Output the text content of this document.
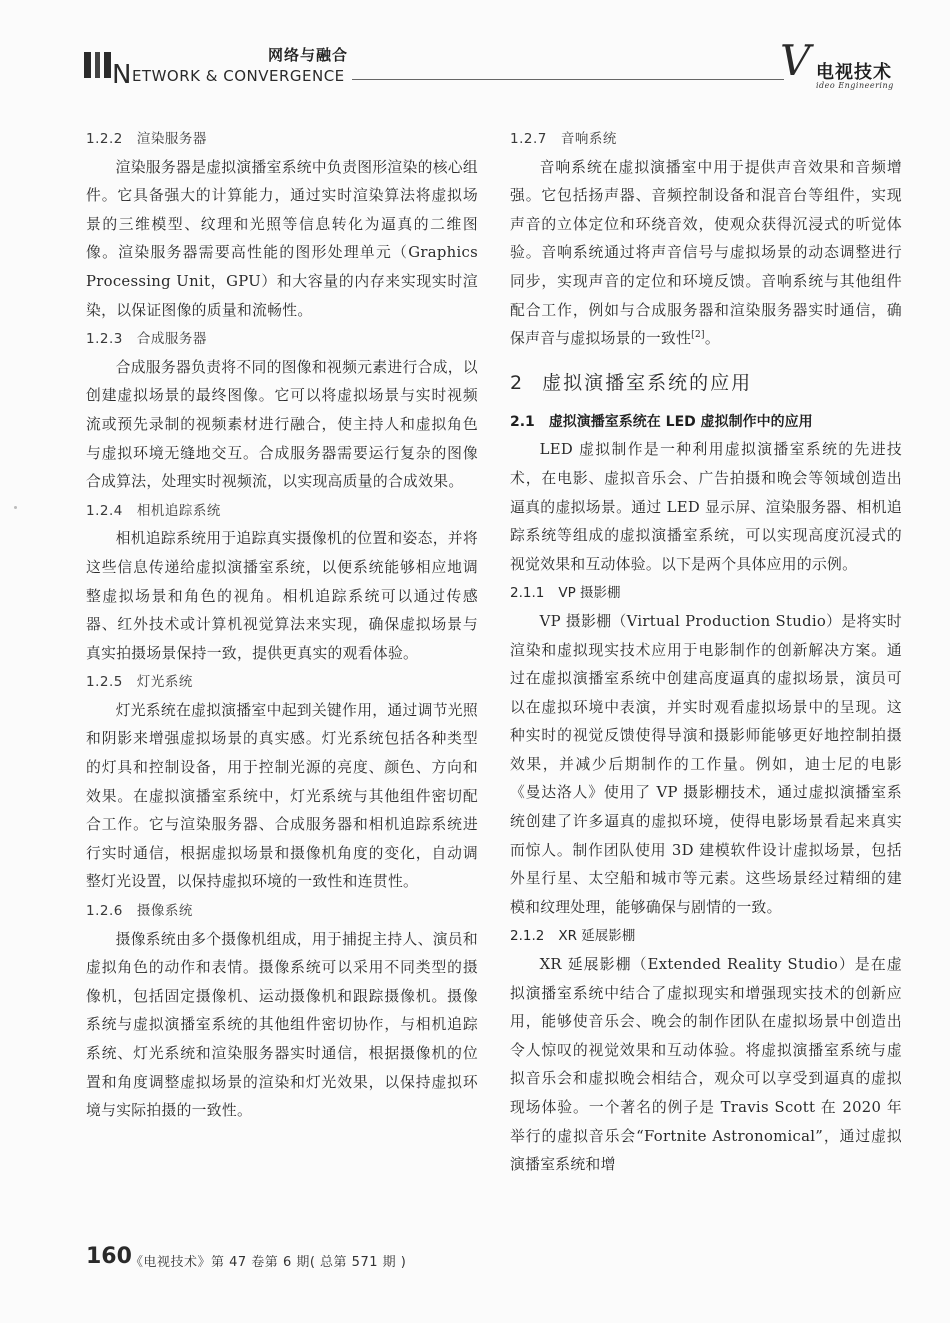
网络与融合
NETWORK & CONVERGENCE	V 电视技术
ideo Engineering
1.2.2 渲染服务器

渲染服务器是虚拟演播室系统中负责图形渲染的核心组件。它具备强大的计算能力，通过实时渲染算法将虚拟场景的三维模型、纹理和光照等信息转化为逼真的二维图像。渲染服务器需要高性能的图形处理单元（Graphics Processing Unit，GPU）和大容量的内存来实现实时渲染，以保证图像的质量和流畅性。

1.2.3 合成服务器

合成服务器负责将不同的图像和视频元素进行合成，以创建虚拟场景的最终图像。它可以将虚拟场景与实时视频流或预先录制的视频素材进行融合，使主持人和虚拟角色与虚拟环境无缝地交互。合成服务器需要运行复杂的图像合成算法，处理实时视频流，以实现高质量的合成效果。

1.2.4 相机追踪系统

相机追踪系统用于追踪真实摄像机的位置和姿态，并将这些信息传递给虚拟演播室系统，以便系统能够相应地调整虚拟场景和角色的视角。相机追踪系统可以通过传感器、红外技术或计算机视觉算法来实现，确保虚拟场景与真实拍摄场景保持一致，提供更真实的观看体验。

1.2.5 灯光系统

灯光系统在虚拟演播室中起到关键作用，通过调节光照和阴影来增强虚拟场景的真实感。灯光系统包括各种类型的灯具和控制设备，用于控制光源的亮度、颜色、方向和效果。在虚拟演播室系统中，灯光系统与其他组件密切配合工作。它与渲染服务器、合成服务器和相机追踪系统进行实时通信，根据虚拟场景和摄像机角度的变化，自动调整灯光设置，以保持虚拟环境的一致性和连贯性。

1.2.6 摄像系统

摄像系统由多个摄像机组成，用于捕捉主持人、演员和虚拟角色的动作和表情。摄像系统可以采用不同类型的摄像机，包括固定摄像机、运动摄像机和跟踪摄像机。摄像系统与虚拟演播室系统的其他组件密切协作，与相机追踪系统、灯光系统和渲染服务器实时通信，根据摄像机的位置和角度调整虚拟场景的渲染和灯光效果，以保持虚拟环境与实际拍摄的一致性。

1.2.7 音响系统

音响系统在虚拟演播室中用于提供声音效果和音频增强。它包括扬声器、音频控制设备和混音台等组件，实现声音的立体定位和环绕音效，使观众获得沉浸式的听觉体验。音响系统通过将声音信号与虚拟场景的动态调整进行同步，实现声音的定位和环境反馈。音响系统与其他组件配合工作，例如与合成服务器和渲染服务器实时通信，确保声音与虚拟场景的一致性[2]。

2 虚拟演播室系统的应用
2.1 虚拟演播室系统在 LED 虚拟制作中的应用

LED 虚拟制作是一种利用虚拟演播室系统的先进技术，在电影、虚拟音乐会、广告拍摄和晚会等领域创造出逼真的虚拟场景。通过 LED 显示屏、渲染服务器、相机追踪系统等组成的虚拟演播室系统，可以实现高度沉浸式的视觉效果和互动体验。以下是两个具体应用的示例。

2.1.1 VP 摄影棚

VP 摄影棚（Virtual Production Studio）是将实时渲染和虚拟现实技术应用于电影制作的创新解决方案。通过在虚拟演播室系统中创建高度逼真的虚拟场景，演员可以在虚拟环境中表演，并实时观看虚拟场景中的呈现。这种实时的视觉反馈使得导演和摄影师能够更好地控制拍摄效果，并减少后期制作的工作量。例如，迪士尼的电影《曼达洛人》使用了 VP 摄影棚技术，通过虚拟演播室系统创建了许多逼真的虚拟环境，使得电影场景看起来真实而惊人。制作团队使用 3D 建模软件设计虚拟场景，包括外星行星、太空船和城市等元素。这些场景经过精细的建模和纹理处理，能够确保与剧情的一致。

2.1.2 XR 延展影棚

XR 延展影棚（Extended Reality Studio）是在虚拟演播室系统中结合了虚拟现实和增强现实技术的创新应用，能够使音乐会、晚会的制作团队在虚拟场景中创造出令人惊叹的视觉效果和互动体验。将虚拟演播室系统与虚拟音乐会和虚拟晚会相结合，观众可以享受到逼真的虚拟现场体验。一个著名的例子是 Travis Scott 在 2020 年举行的虚拟音乐会“Fortnite Astronomical”，通过虚拟演播室系统和增

160
《电视技术》第 47 卷第 6 期( 总第 571 期 )
